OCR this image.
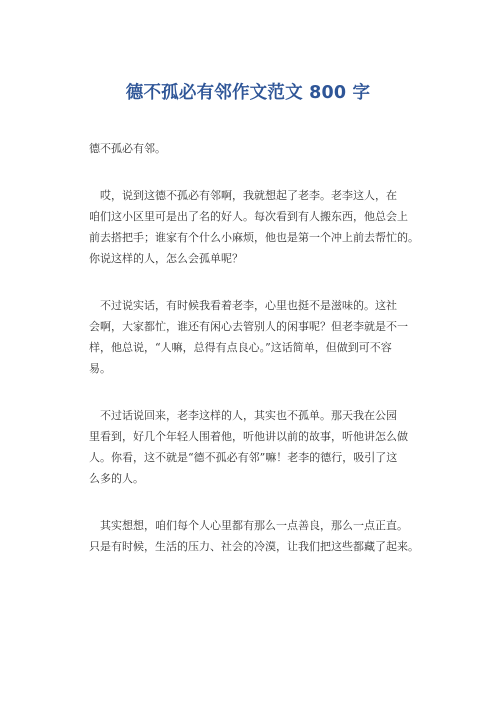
德不孤必有邻作文范文 800 字
德不孤必有邻。
哎，说到这德不孤必有邻啊，我就想起了老李。老李这人，在
咱们这小区里可是出了名的好人。每次看到有人搬东西，他总会上
前去搭把手；谁家有个什么小麻烦，他也是第一个冲上前去帮忙的。
你说这样的人，怎么会孤单呢？
不过说实话，有时候我看着老李，心里也挺不是滋味的。这社
会啊，大家都忙，谁还有闲心去管别人的闲事呢？但老李就是不一
样，他总说，“人嘛，总得有点良心。”这话简单，但做到可不容
易。
不过话说回来，老李这样的人，其实也不孤单。那天我在公园
里看到，好几个年轻人围着他，听他讲以前的故事，听他讲怎么做
人。你看，这不就是“德不孤必有邻”嘛！老李的德行，吸引了这
么多的人。
其实想想，咱们每个人心里都有那么一点善良，那么一点正直。
只是有时候，生活的压力、社会的冷漠，让我们把这些都藏了起来。
